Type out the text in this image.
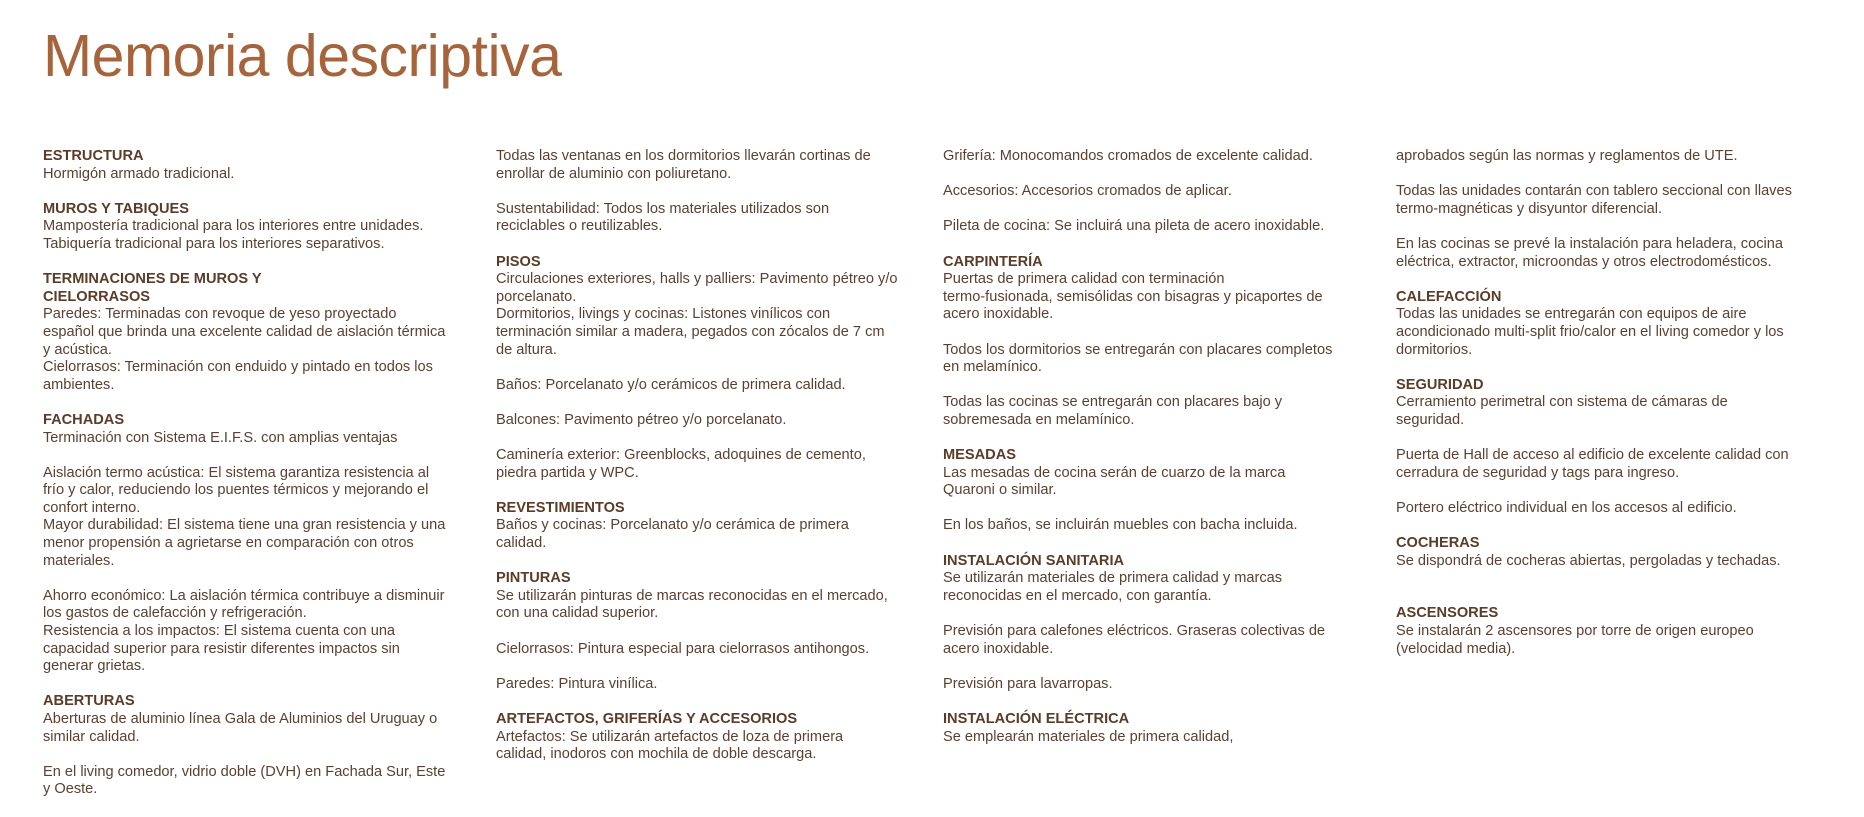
Memoria descriptiva
ESTRUCTURA
Hormigón armado tradicional.
MUROS Y TABIQUES
Mampostería tradicional para los interiores entre unidades.
Tabiquería tradicional para los interiores separativos.
TERMINACIONES DE MUROS Y
CIELORRASOS
Paredes: Terminadas con revoque de yeso proyectado
español que brinda una excelente calidad de aislación térmica
y acústica.
Cielorrasos: Terminación con enduido y pintado en todos los
ambientes.
FACHADAS
Terminación con Sistema E.I.F.S. con amplias ventajas
Aislación termo acústica: El sistema garantiza resistencia al
frío y calor, reduciendo los puentes térmicos y mejorando el
confort interno.
Mayor durabilidad: El sistema tiene una gran resistencia y una
menor propensión a agrietarse en comparación con otros
materiales.
Ahorro económico: La aislación térmica contribuye a disminuir
los gastos de calefacción y refrigeración.
Resistencia a los impactos: El sistema cuenta con una
capacidad superior para resistir diferentes impactos sin
generar grietas.
ABERTURAS
Aberturas de aluminio línea Gala de Aluminios del Uruguay o
similar calidad.
En el living comedor, vidrio doble (DVH) en Fachada Sur, Este
y Oeste.
Todas las ventanas en los dormitorios llevarán cortinas de
enrollar de aluminio con poliuretano.
Sustentabilidad: Todos los materiales utilizados son
reciclables o reutilizables.
PISOS
Circulaciones exteriores, halls y palliers: Pavimento pétreo y/o
porcelanato.
Dormitorios, livings y cocinas: Listones vinílicos con
terminación similar a madera, pegados con zócalos de 7 cm
de altura.
Baños: Porcelanato y/o cerámicos de primera calidad.
Balcones: Pavimento pétreo y/o porcelanato.
Caminería exterior: Greenblocks, adoquines de cemento,
piedra partida y WPC.
REVESTIMIENTOS
Baños y cocinas: Porcelanato y/o cerámica de primera
calidad.
PINTURAS
Se utilizarán pinturas de marcas reconocidas en el mercado,
con una calidad superior.
Cielorrasos: Pintura especial para cielorrasos antihongos.
Paredes: Pintura vinílica.
ARTEFACTOS, GRIFERÍAS Y ACCESORIOS
Artefactos: Se utilizarán artefactos de loza de primera
calidad, inodoros con mochila de doble descarga.
Grifería: Monocomandos cromados de excelente calidad.
Accesorios: Accesorios cromados de aplicar.
Pileta de cocina: Se incluirá una pileta de acero inoxidable.
CARPINTERÍA
Puertas de primera calidad con terminación
termo-fusionada, semisólidas con bisagras y picaportes de
acero inoxidable.
Todos los dormitorios se entregarán con placares completos
en melamínico.
Todas las cocinas se entregarán con placares bajo y
sobremesada en melamínico.
MESADAS
Las mesadas de cocina serán de cuarzo de la marca
Quaroni o similar.
En los baños, se incluirán muebles con bacha incluida.
INSTALACIÓN SANITARIA
Se utilizarán materiales de primera calidad y marcas
reconocidas en el mercado, con garantía.
Previsión para calefones eléctricos. Graseras colectivas de
acero inoxidable.
Previsión para lavarropas.
INSTALACIÓN ELÉCTRICA
Se emplearán materiales de primera calidad,
aprobados según las normas y reglamentos de UTE.
Todas las unidades contarán con tablero seccional con llaves
termo-magnéticas y disyuntor diferencial.
En las cocinas se prevé la instalación para heladera, cocina
eléctrica, extractor, microondas y otros electrodomésticos.
CALEFACCIÓN
Todas las unidades se entregarán con equipos de aire
acondicionado multi-split frio/calor en el living comedor y los
dormitorios.
SEGURIDAD
Cerramiento perimetral con sistema de cámaras de
seguridad.
Puerta de Hall de acceso al edificio de excelente calidad con
cerradura de seguridad y tags para ingreso.
Portero eléctrico individual en los accesos al edificio.
COCHERAS
Se dispondrá de cocheras abiertas, pergoladas y techadas.
ASCENSORES
Se instalarán 2 ascensores por torre de origen europeo
(velocidad media).
